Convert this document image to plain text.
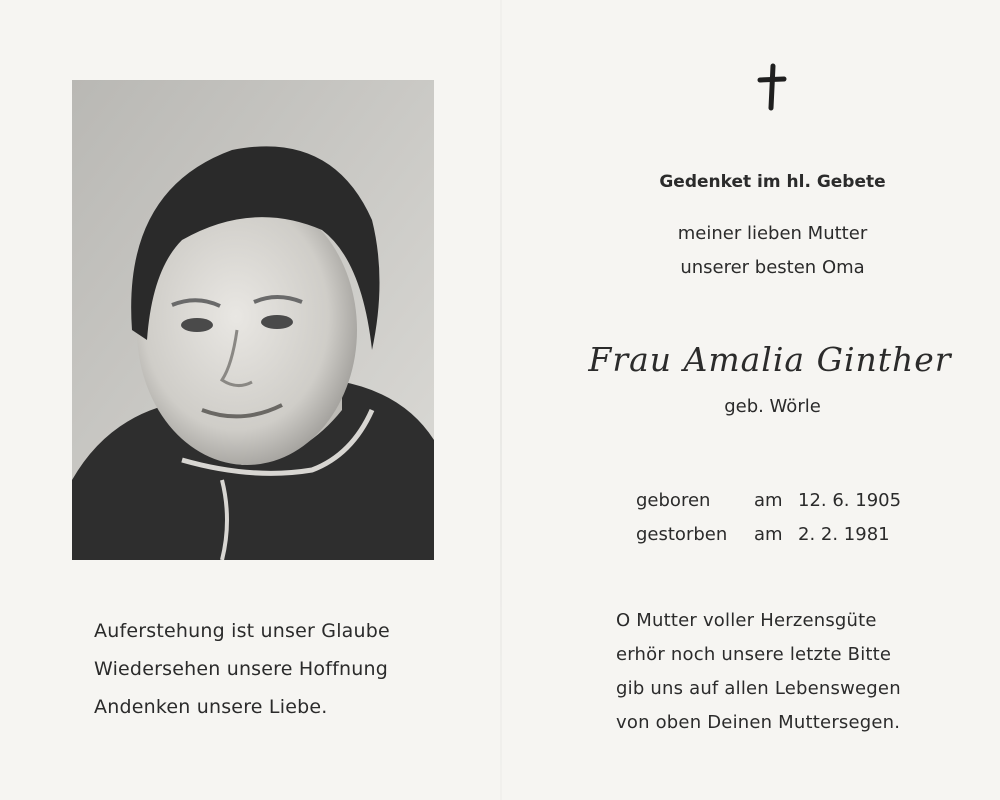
Auferstehung ist unser Glaube
Wiedersehen unsere Hoffnung
Andenken unsere Liebe.
Gedenket im hl. Gebete
meiner lieben Mutter
unserer besten Oma
Frau Amalia Ginther
geb. Wörle
geboren	am 12. 6. 1905
gestorben	am 2. 2. 1981
O Mutter voller Herzensgüte
erhör noch unsere letzte Bitte
gib uns auf allen Lebenswegen
von oben Deinen Muttersegen.
